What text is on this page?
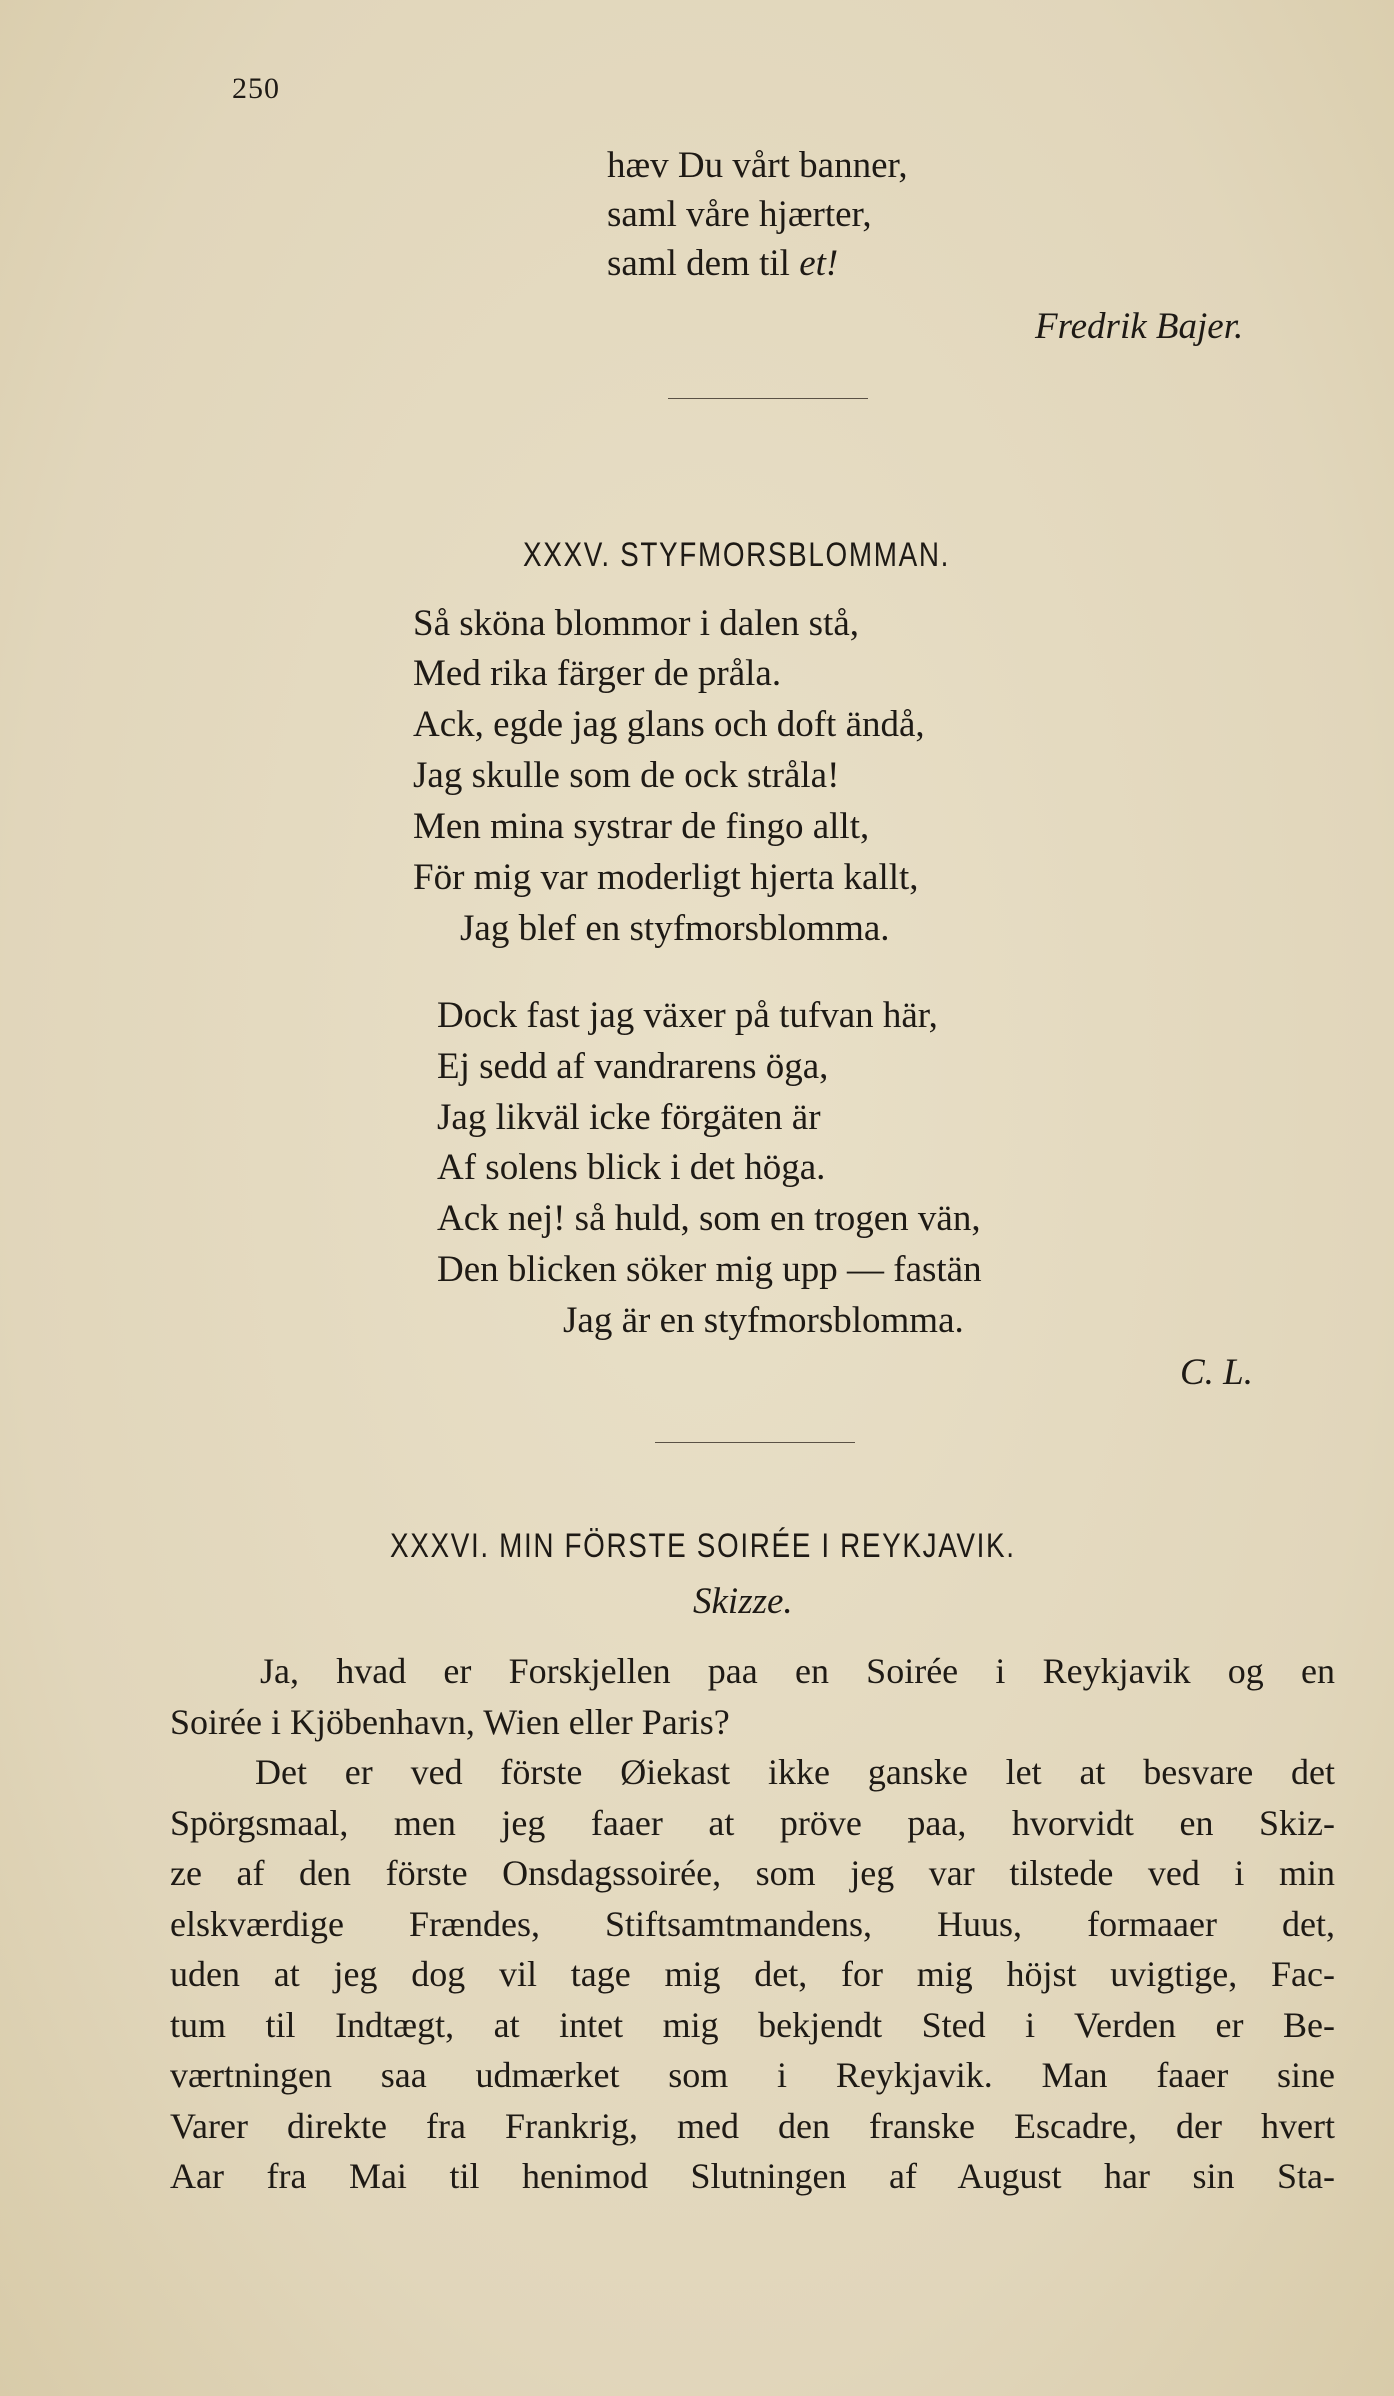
250
hæv Du vårt banner,
saml våre hjærter,
saml dem til et!
Fredrik Bajer.
XXXV. STYFMORSBLOMMAN.
Så sköna blommor i dalen stå,
Med rika färger de pråla.
Ack, egde jag glans och doft ändå,
Jag skulle som de ock stråla!
Men mina systrar de fingo allt,
För mig var moderligt hjerta kallt,
Jag blef en styfmorsblomma.
Dock fast jag växer på tufvan här,
Ej sedd af vandrarens öga,
Jag likväl icke förgäten är
Af solens blick i det höga.
Ack nej! så huld, som en trogen vän,
Den blicken söker mig upp — fastän
Jag är en styfmorsblomma.
C. L.
XXXVI. MIN FÖRSTE SOIRÉE I REYKJAVIK.
Skizze.
Ja, hvad er Forskjellen paa en Soirée i Reykjavik og en
Soirée i Kjöbenhavn, Wien eller Paris?
Det er ved förste Øiekast ikke ganske let at besvare det
Spörgsmaal, men jeg faaer at pröve paa, hvorvidt en Skiz-
ze af den förste Onsdagssoirée, som jeg var tilstede ved i min
elskværdige Frændes, Stiftsamtmandens, Huus, formaaer det,
uden at jeg dog vil tage mig det, for mig höjst uvigtige, Fac-
tum til Indtægt, at intet mig bekjendt Sted i Verden er Be-
værtningen saa udmærket som i Reykjavik. Man faaer sine
Varer direkte fra Frankrig, med den franske Escadre, der hvert
Aar fra Mai til henimod Slutningen af August har sin Sta-
